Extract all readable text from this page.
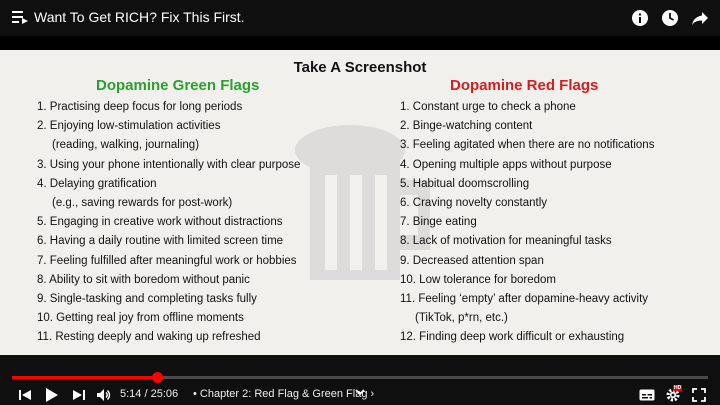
Want To Get RICH? Fix This First.
Take A Screenshot
Dopamine Green Flags	Dopamine Red Flags
1. Practising deep focus for long periods
2. Enjoying low-stimulation activities
(reading, walking, journaling)
3. Using your phone intentionally with clear purpose
4. Delaying gratification
(e.g., saving rewards for post-work)
5. Engaging in creative work without distractions
6. Having a daily routine with limited screen time
7. Feeling fulfilled after meaningful work or hobbies
8. Ability to sit with boredom without panic
9. Single-tasking and completing tasks fully
10. Getting real joy from offline moments
11. Resting deeply and waking up refreshed
1. Constant urge to check a phone
2. Binge-watching content
3. Feeling agitated when there are no notifications
4. Opening multiple apps without purpose
5. Habitual doomscrolling
6. Craving novelty constantly
7. Binge eating
8. Lack of motivation for meaningful tasks
9. Decreased attention span
10. Low tolerance for boredom
11. Feeling ‘empty’ after dopamine-heavy activity
(TikTok, p*rn, etc.)
12. Finding deep work difficult or exhausting
5:14 / 25:06 • Chapter 2: Red Flag & Green Flag ›	HD
